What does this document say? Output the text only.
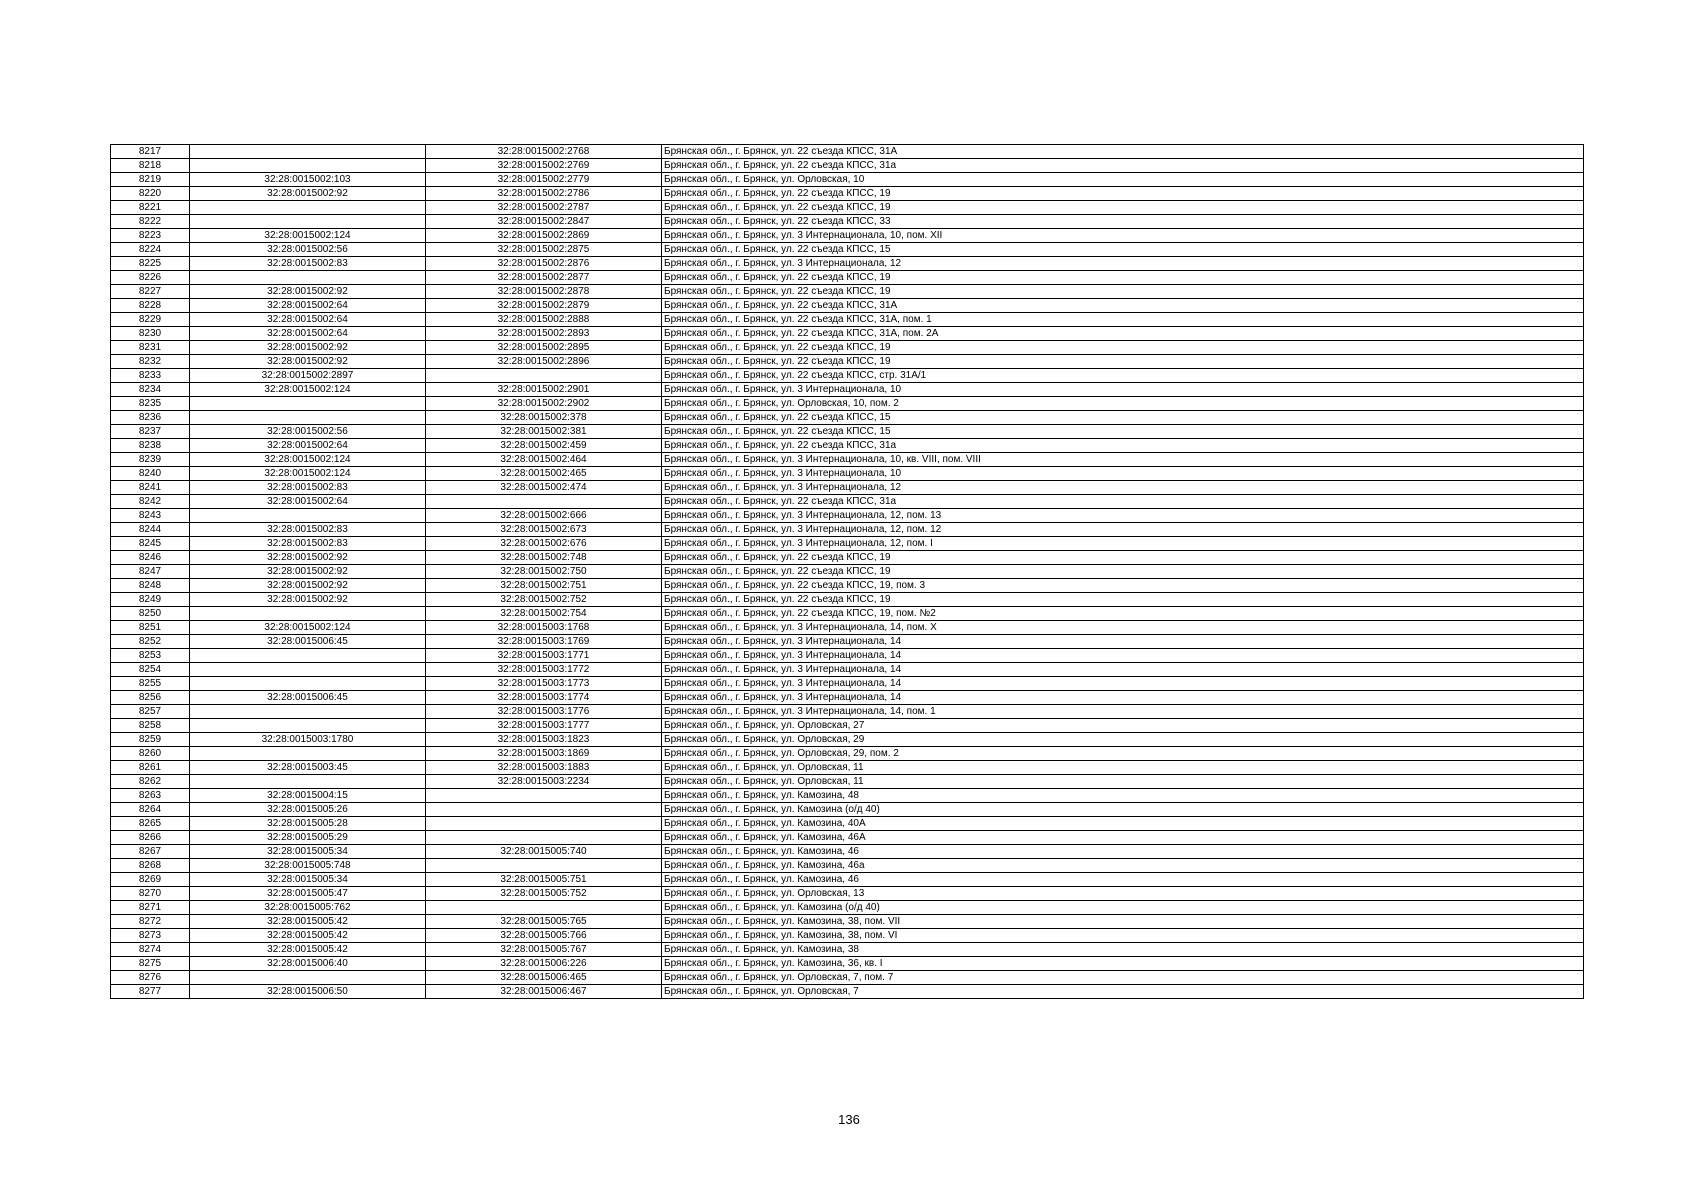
8217		32:28:0015002:2768	Брянская обл., г. Брянск, ул. 22 съезда КПСС, 31А
8218		32:28:0015002:2769	Брянская обл., г. Брянск, ул. 22 съезда КПСС, 31а
8219	32:28:0015002:103	32:28:0015002:2779	Брянская обл., г. Брянск, ул. Орловская, 10
8220	32:28:0015002:92	32:28:0015002:2786	Брянская обл., г. Брянск, ул. 22 съезда КПСС, 19
8221		32:28:0015002:2787	Брянская обл., г. Брянск, ул. 22 съезда КПСС, 19
8222		32:28:0015002:2847	Брянская обл., г. Брянск, ул. 22 съезда КПСС, 33
8223	32:28:0015002:124	32:28:0015002:2869	Брянская обл., г. Брянск, ул. 3 Интернационала, 10, пом. XII
8224	32:28:0015002:56	32:28:0015002:2875	Брянская обл., г. Брянск, ул. 22 съезда КПСС, 15
8225	32:28:0015002:83	32:28:0015002:2876	Брянская обл., г. Брянск, ул. 3 Интернационала, 12
8226		32:28:0015002:2877	Брянская обл., г. Брянск, ул. 22 съезда КПСС, 19
8227	32:28:0015002:92	32:28:0015002:2878	Брянская обл., г. Брянск, ул. 22 съезда КПСС, 19
8228	32:28:0015002:64	32:28:0015002:2879	Брянская обл., г. Брянск, ул. 22 съезда КПСС, 31А
8229	32:28:0015002:64	32:28:0015002:2888	Брянская обл., г. Брянск, ул. 22 съезда КПСС, 31А, пом. 1
8230	32:28:0015002:64	32:28:0015002:2893	Брянская обл., г. Брянск, ул. 22 съезда КПСС, 31А, пом. 2А
8231	32:28:0015002:92	32:28:0015002:2895	Брянская обл., г. Брянск, ул. 22 съезда КПСС, 19
8232	32:28:0015002:92	32:28:0015002:2896	Брянская обл., г. Брянск, ул. 22 съезда КПСС, 19
8233	32:28:0015002:2897		Брянская обл., г. Брянск, ул. 22 съезда КПСС, стр. 31А/1
8234	32:28:0015002:124	32:28:0015002:2901	Брянская обл., г. Брянск, ул. 3 Интернационала, 10
8235		32:28:0015002:2902	Брянская обл., г. Брянск, ул. Орловская, 10, пом. 2
8236		32:28:0015002:378	Брянская обл., г. Брянск, ул. 22 съезда КПСС, 15
8237	32:28:0015002:56	32:28:0015002:381	Брянская обл., г. Брянск, ул. 22 съезда КПСС, 15
8238	32:28:0015002:64	32:28:0015002:459	Брянская обл., г. Брянск, ул. 22 съезда КПСС, 31а
8239	32:28:0015002:124	32:28:0015002:464	Брянская обл., г. Брянск, ул. 3 Интернационала, 10, кв. VIII, пом. VIII
8240	32:28:0015002:124	32:28:0015002:465	Брянская обл., г. Брянск, ул. 3 Интернационала, 10
8241	32:28:0015002:83	32:28:0015002:474	Брянская обл., г. Брянск, ул. 3 Интернационала, 12
8242	32:28:0015002:64		Брянская обл., г. Брянск, ул. 22 съезда КПСС, 31а
8243		32:28:0015002:666	Брянская обл., г. Брянск, ул. 3 Интернационала, 12, пом. 13
8244	32:28:0015002:83	32:28:0015002:673	Брянская обл., г. Брянск, ул. 3 Интернационала, 12, пом. 12
8245	32:28:0015002:83	32:28:0015002:676	Брянская обл., г. Брянск, ул. 3 Интернационала, 12, пом. I
8246	32:28:0015002:92	32:28:0015002:748	Брянская обл., г. Брянск, ул. 22 съезда КПСС, 19
8247	32:28:0015002:92	32:28:0015002:750	Брянская обл., г. Брянск, ул. 22 съезда КПСС, 19
8248	32:28:0015002:92	32:28:0015002:751	Брянская обл., г. Брянск, ул. 22 съезда КПСС, 19, пом. 3
8249	32:28:0015002:92	32:28:0015002:752	Брянская обл., г. Брянск, ул. 22 съезда КПСС, 19
8250		32:28:0015002:754	Брянская обл., г. Брянск, ул. 22 съезда КПСС, 19, пом. №2
8251	32:28:0015002:124	32:28:0015003:1768	Брянская обл., г. Брянск, ул. 3 Интернационала, 14, пом. X
8252	32:28:0015006:45	32:28:0015003:1769	Брянская обл., г. Брянск, ул. 3 Интернационала, 14
8253		32:28:0015003:1771	Брянская обл., г. Брянск, ул. 3 Интернационала, 14
8254		32:28:0015003:1772	Брянская обл., г. Брянск, ул. 3 Интернационала, 14
8255		32:28:0015003:1773	Брянская обл., г. Брянск, ул. 3 Интернационала, 14
8256	32:28:0015006:45	32:28:0015003:1774	Брянская обл., г. Брянск, ул. 3 Интернационала, 14
8257		32:28:0015003:1776	Брянская обл., г. Брянск, ул. 3 Интернационала, 14, пом. 1
8258		32:28:0015003:1777	Брянская обл., г. Брянск, ул. Орловская, 27
8259	32:28:0015003:1780	32:28:0015003:1823	Брянская обл., г. Брянск, ул. Орловская, 29
8260		32:28:0015003:1869	Брянская обл., г. Брянск, ул. Орловская, 29, пом. 2
8261	32:28:0015003:45	32:28:0015003:1883	Брянская обл., г. Брянск, ул. Орловская, 11
8262		32:28:0015003:2234	Брянская обл., г. Брянск, ул. Орловская, 11
8263	32:28:0015004:15		Брянская обл., г. Брянск, ул. Камозина, 48
8264	32:28:0015005:26		Брянская обл., г. Брянск, ул. Камозина (о/д 40)
8265	32:28:0015005:28		Брянская обл., г. Брянск, ул. Камозина, 40А
8266	32:28:0015005:29		Брянская обл., г. Брянск, ул. Камозина, 46А
8267	32:28:0015005:34	32:28:0015005:740	Брянская обл., г. Брянск, ул. Камозина, 46
8268	32:28:0015005:748		Брянская обл., г. Брянск, ул. Камозина, 46а
8269	32:28:0015005:34	32:28:0015005:751	Брянская обл., г. Брянск, ул. Камозина, 46
8270	32:28:0015005:47	32:28:0015005:752	Брянская обл., г. Брянск, ул. Орловская, 13
8271	32:28:0015005:762		Брянская обл., г. Брянск, ул. Камозина (о/д 40)
8272	32:28:0015005:42	32:28:0015005:765	Брянская обл., г. Брянск, ул. Камозина, 38, пом. VII
8273	32:28:0015005:42	32:28:0015005:766	Брянская обл., г. Брянск, ул. Камозина, 38, пом. VI
8274	32:28:0015005:42	32:28:0015005:767	Брянская обл., г. Брянск, ул. Камозина, 38
8275	32:28:0015006:40	32:28:0015006:226	Брянская обл., г. Брянск, ул. Камозина, 36, кв. I
8276		32:28:0015006:465	Брянская обл., г. Брянск, ул. Орловская, 7, пом. 7
8277	32:28:0015006:50	32:28:0015006:467	Брянская обл., г. Брянск, ул. Орловская, 7
136
